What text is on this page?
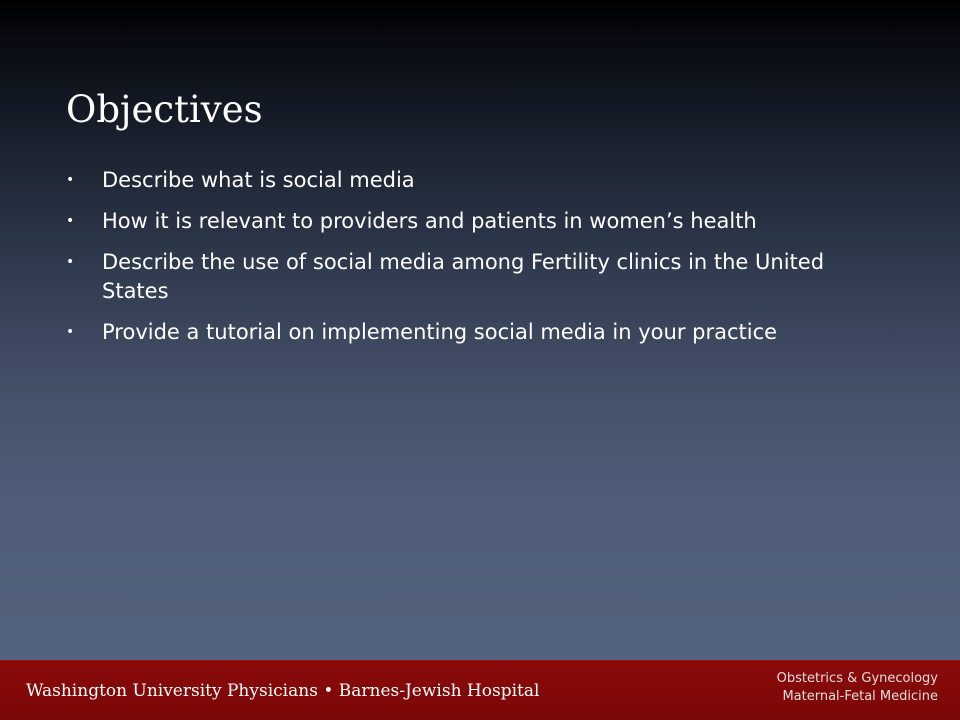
Objectives
• Describe what is social media
• How it is relevant to providers and patients in women’s health
• Describe the use of social media among Fertility clinics in the United States
• Provide a tutorial on implementing social media in your practice
Washington University Physicians • Barnes-Jewish Hospital
Obstetrics & Gynecology
Maternal-Fetal Medicine
